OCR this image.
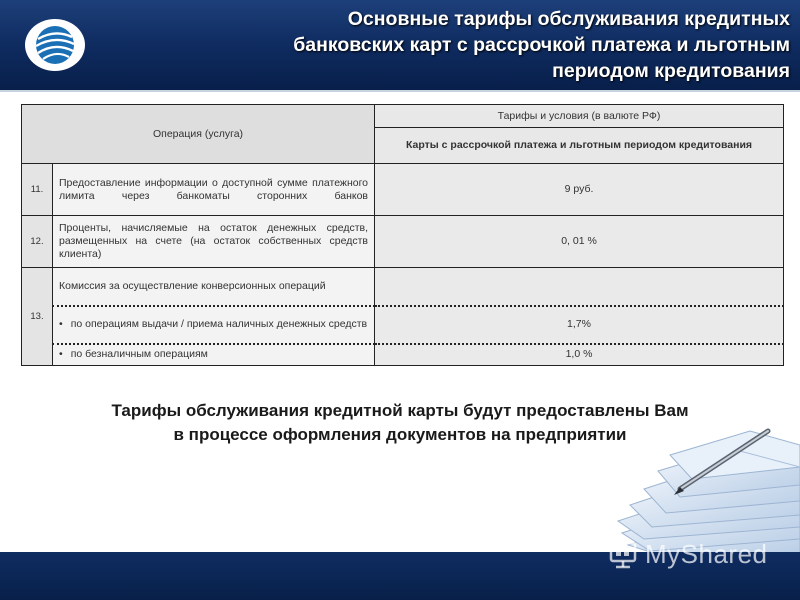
Основные тарифы обслуживания кредитных
банковских карт с рассрочкой платежа и льготным
периодом кредитования
Операция (услуга)		Тарифы и условия (в валюте РФ)
		Карты с рассрочкой платежа и льготным периодом кредитования
11.	Предоставление информации о доступной сумме платежного лимита через банкоматы сторонних банков	9 руб.
12.	Проценты, начисляемые на остаток денежных средств, размещенных на счете (на остаток собственных средств клиента)	0, 01 %
13.	Комиссия за осуществление конверсионных операций	
• по операциям выдачи / приема наличных денежных средств	1,7%
• по безналичным операциям	1,0 %
Тарифы обслуживания кредитной карты будут предоставлены Вам
в процессе оформления документов на предприятии
MyShared
